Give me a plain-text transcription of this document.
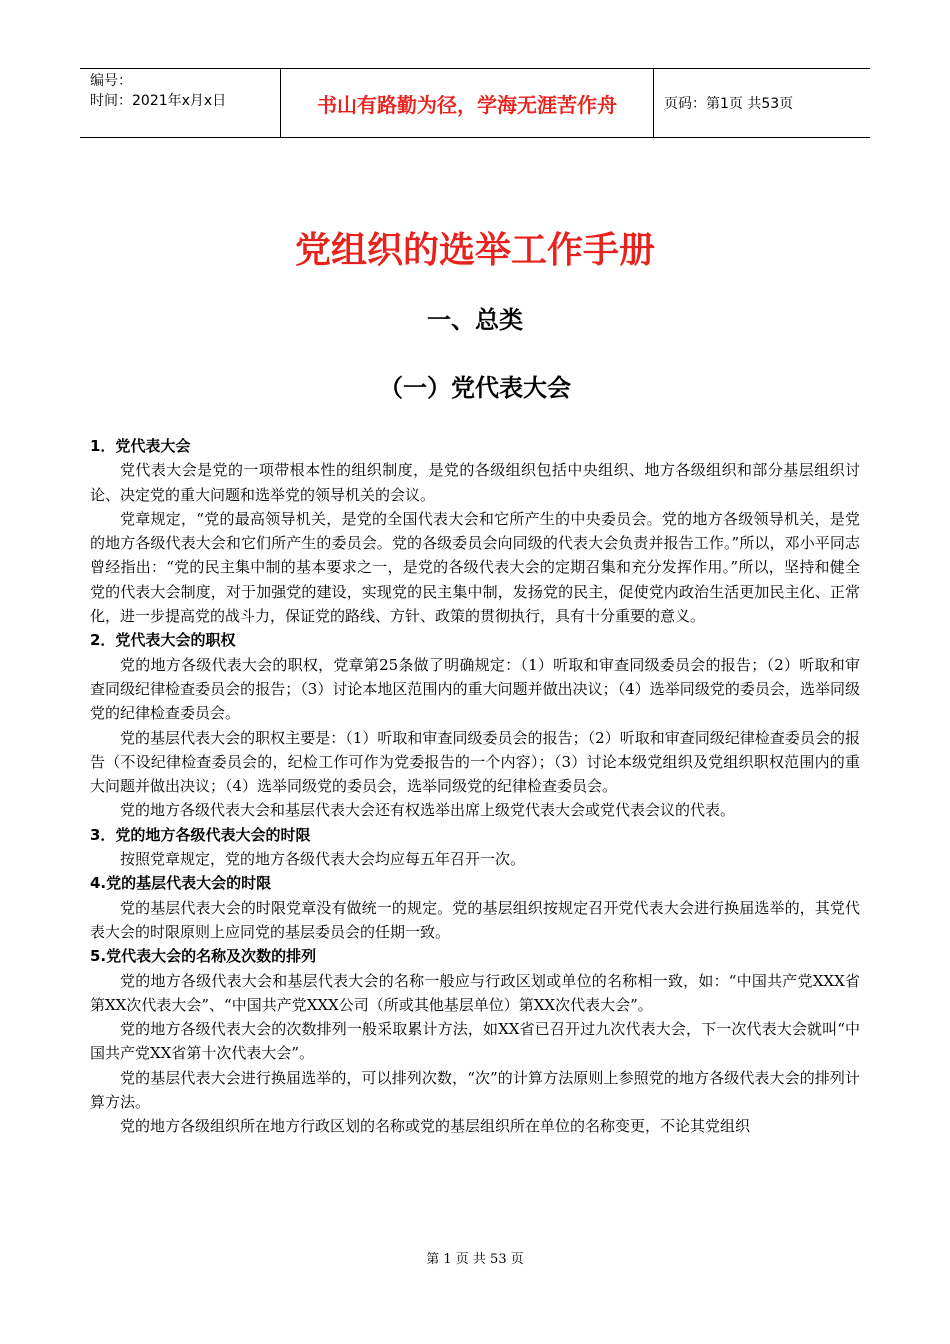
编号：
时间：2021年x月x日	书山有路勤为径，学海无涯苦作舟	页码：第1页 共53页
党组织的选举工作手册
一、总类
（一）党代表大会
1．党代表大会
党代表大会是党的一项带根本性的组织制度，是党的各级组织包括中央组织、地方各级组织和部分基层组织讨论、决定党的重大问题和选举党的领导机关的会议。
党章规定，“党的最高领导机关，是党的全国代表大会和它所产生的中央委员会。党的地方各级领导机关，是党的地方各级代表大会和它们所产生的委员会。党的各级委员会向同级的代表大会负责并报告工作。”所以，邓小平同志曾经指出：“党的民主集中制的基本要求之一，是党的各级代表大会的定期召集和充分发挥作用。”所以，坚持和健全党的代表大会制度，对于加强党的建设，实现党的民主集中制，发扬党的民主，促使党内政治生活更加民主化、正常化，进一步提高党的战斗力，保证党的路线、方针、政策的贯彻执行，具有十分重要的意义。
2．党代表大会的职权
党的地方各级代表大会的职权，党章第25条做了明确规定：（1）听取和审查同级委员会的报告；（2）听取和审查同级纪律检查委员会的报告；（3）讨论本地区范围内的重大问题并做出决议；（4）选举同级党的委员会，选举同级党的纪律检查委员会。
党的基层代表大会的职权主要是：（1）听取和审查同级委员会的报告；（2）听取和审查同级纪律检查委员会的报告（不设纪律检查委员会的，纪检工作可作为党委报告的一个内容）；（3）讨论本级党组织及党组织职权范围内的重大问题并做出决议；（4）选举同级党的委员会，选举同级党的纪律检查委员会。
党的地方各级代表大会和基层代表大会还有权选举出席上级党代表大会或党代表会议的代表。
3．党的地方各级代表大会的时限
按照党章规定，党的地方各级代表大会均应每五年召开一次。
4.党的基层代表大会的时限
党的基层代表大会的时限党章没有做统一的规定。党的基层组织按规定召开党代表大会进行换届选举的，其党代表大会的时限原则上应同党的基层委员会的任期一致。
5.党代表大会的名称及次数的排列
党的地方各级代表大会和基层代表大会的名称一般应与行政区划或单位的名称相一致，如：“中国共产党XXX省第XX次代表大会”、“中国共产党XXX公司（所或其他基层单位）第XX次代表大会”。
党的地方各级代表大会的次数排列一般采取累计方法，如XX省已召开过九次代表大会，下一次代表大会就叫“中国共产党XX省第十次代表大会”。
党的基层代表大会进行换届选举的，可以排列次数，“次”的计算方法原则上参照党的地方各级代表大会的排列计算方法。
党的地方各级组织所在地方行政区划的名称或党的基层组织所在单位的名称变更，不论其党组织
第 1 页 共 53 页
